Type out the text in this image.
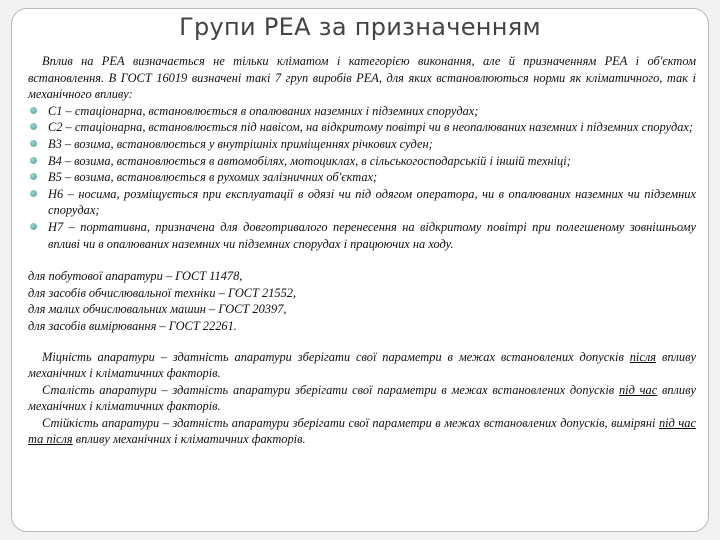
Групи РЕА за призначенням

Вплив на РЕА визначається не тільки кліматом і категорією виконання, але й призначенням РЕА і об'єктом встановлення. В ГОСТ 16019 визначені такі 7 груп виробів РЕА, для яких встановлюються норми як кліматичного, так і механічного впливу:

С1 – стаціонарна, встановлюється в опалюваних наземних і підземних спорудах;
С2 – стаціонарна, встановлюється під навісом, на відкритому повітрі чи в неопалюваних наземних і підземних спорудах;
В3 – возима, встановлюється у внутрішніх приміщеннях річкових суден;
В4 – возима, встановлюється в автомобілях, мотоциклах, в сільськогосподарській і іншій техніці;
В5 – возима, встановлюється в рухомих залізничних об'єктах;
Н6 – носима, розміщується при експлуатації в одязі чи під одягом оператора, чи в опалюваних наземних чи підземних спорудах;
Н7 – портативна, призначена для довготривалого перенесення на відкритому повітрі при полегшеному зовнішньому впливі чи в опалюваних наземних чи підземних спорудах і працюючих на ходу.

для побутової апаратури – ГОСТ 11478,

для засобів обчислювальної техніки – ГОСТ 21552,

для малих обчислювальних машин – ГОСТ 20397,

для засобів вимірювання – ГОСТ 22261.

Міцність апаратури – здатність апаратури зберігати свої параметри в межах встановлених допусків після впливу механічних і кліматичних факторів.

Сталість апаратури – здатність апаратури зберігати свої параметри в межах встановлених допусків під час впливу механічних і кліматичних факторів.

Стійкість апаратури – здатність апаратури зберігати свої параметри в межах встановлених допусків, виміряні під час та після впливу механічних і кліматичних факторів.
